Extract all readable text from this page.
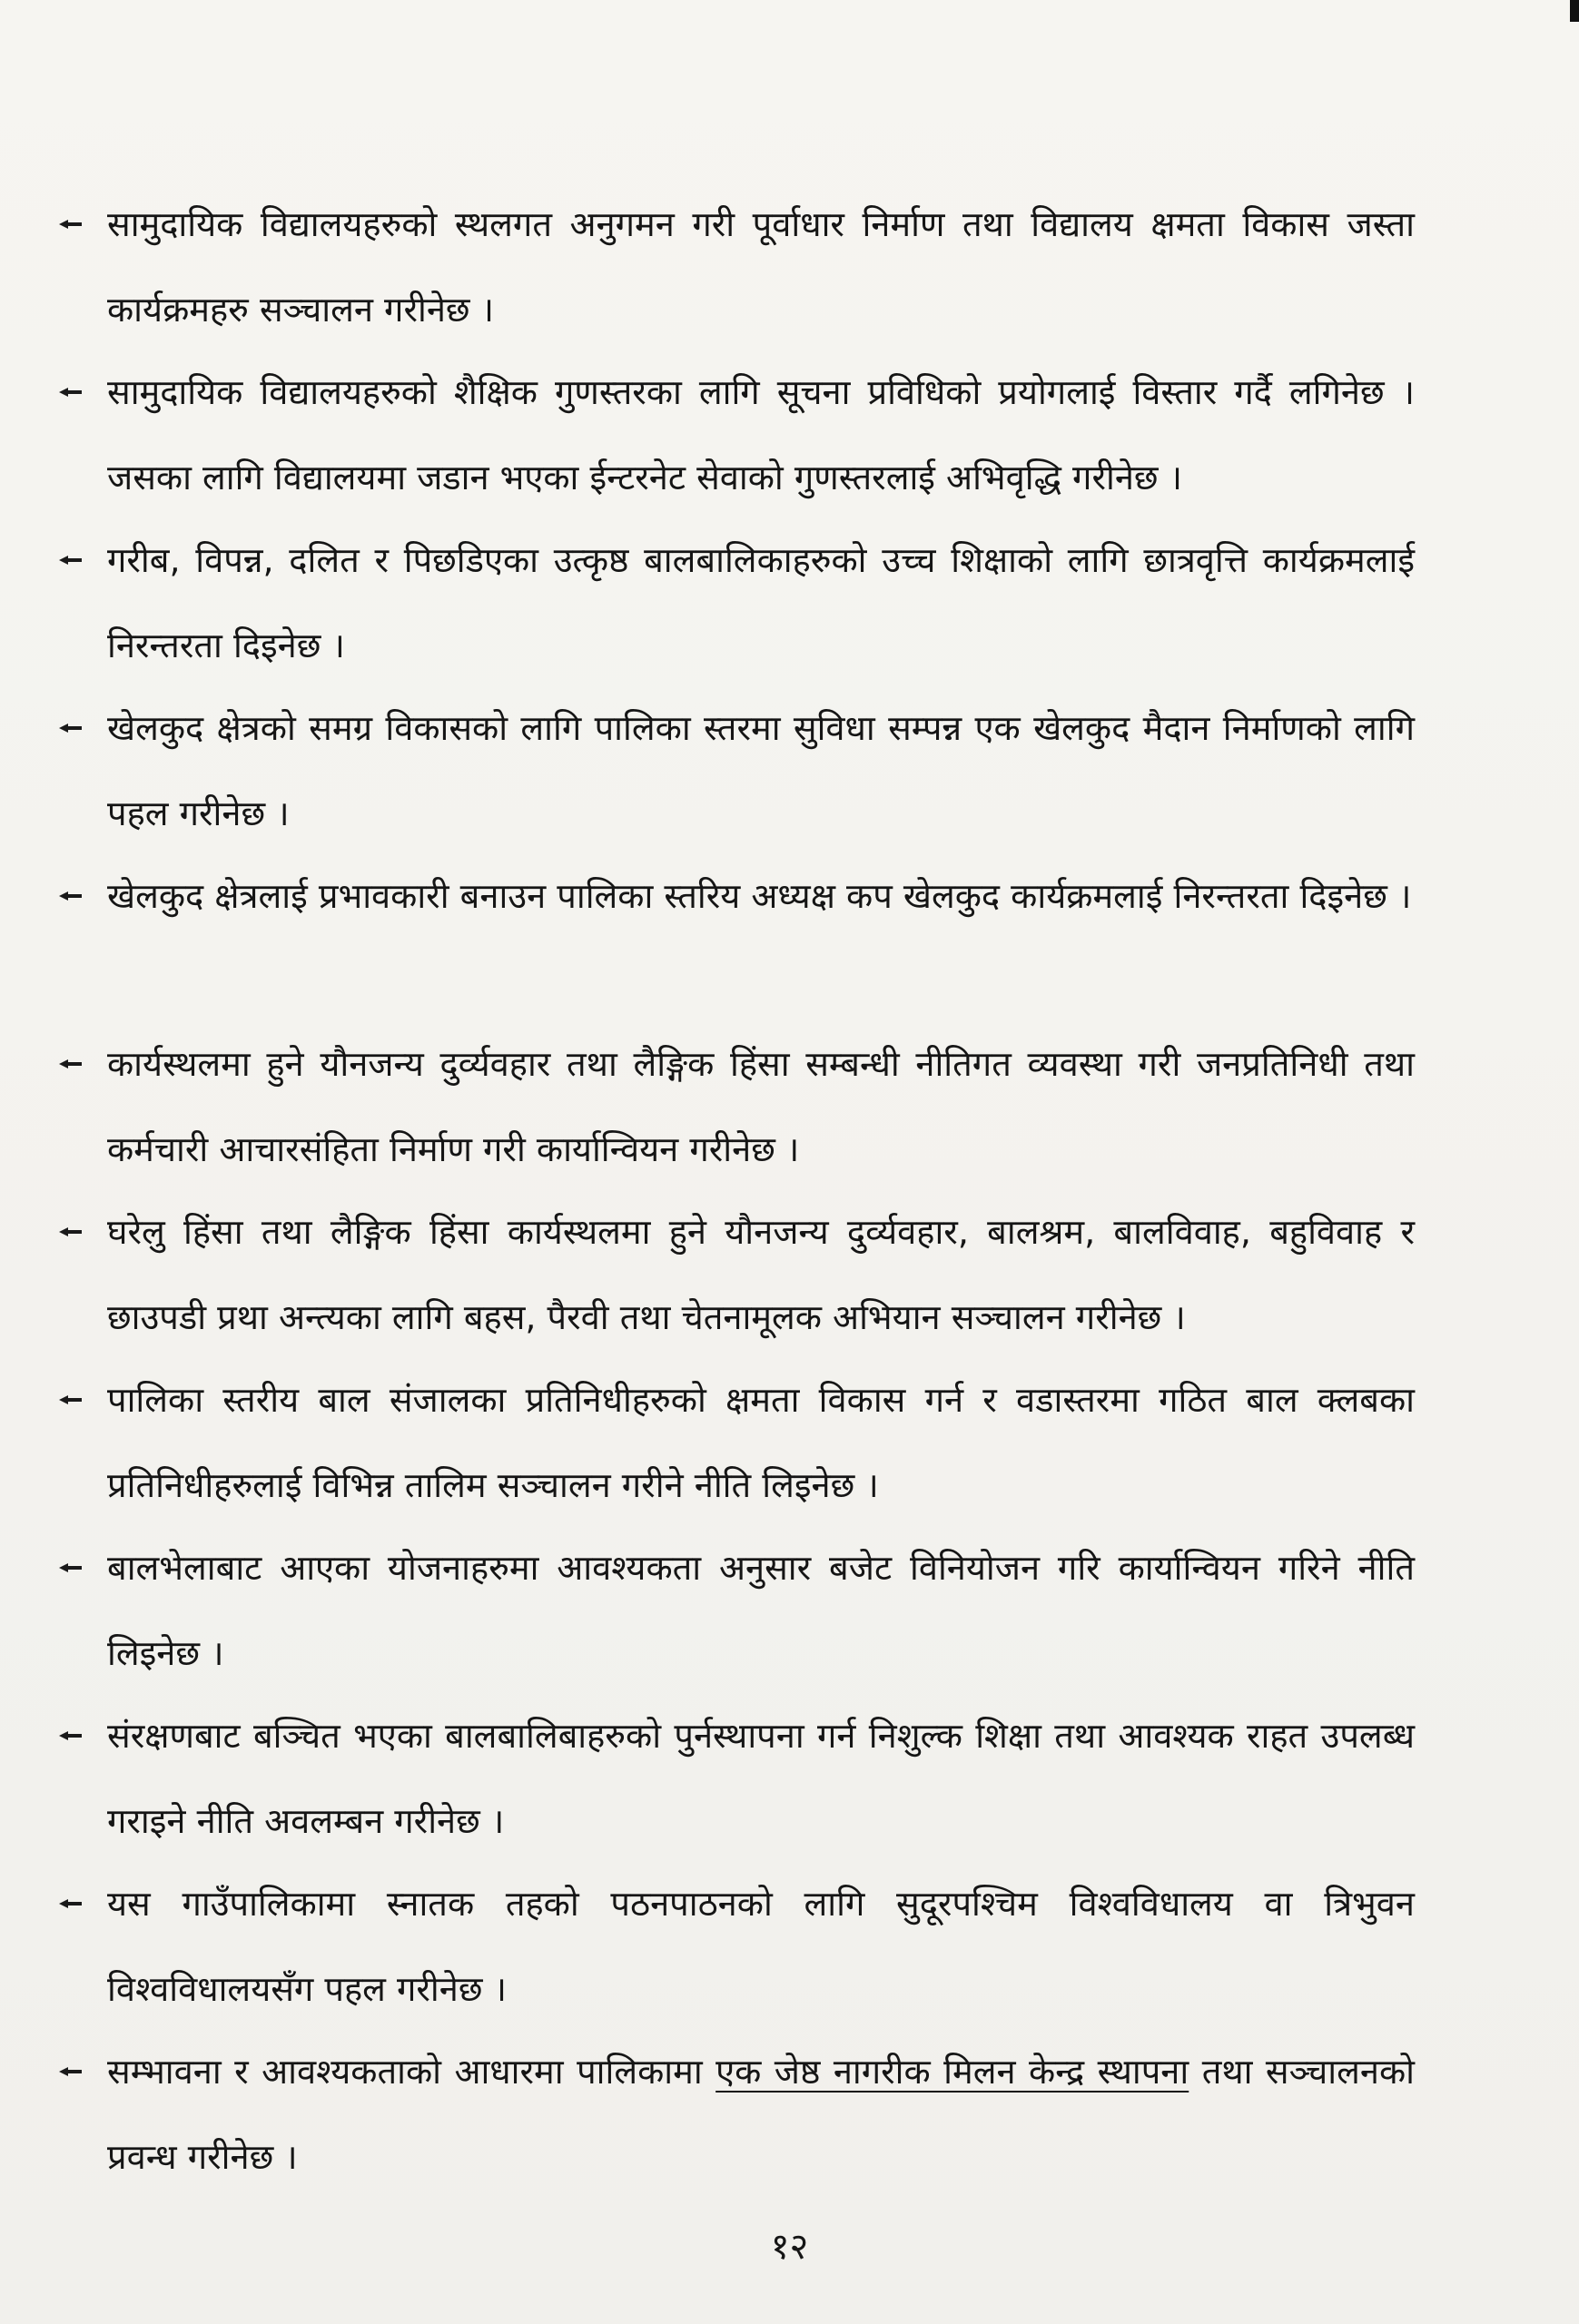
सामुदायिक विद्यालयहरुको स्थलगत अनुगमन गरी पूर्वाधार निर्माण तथा विद्यालय क्षमता विकास जस्ता कार्यक्रमहरु सञ्चालन गरीनेछ ।
सामुदायिक विद्यालयहरुको शैक्षिक गुणस्तरका लागि सूचना प्रविधिको प्रयोगलाई विस्तार गर्दै लगिनेछ । जसका लागि विद्यालयमा जडान भएका ईन्टरनेट सेवाको गुणस्तरलाई अभिवृद्धि गरीनेछ ।
गरीब, विपन्न, दलित र पिछडिएका उत्कृष्ठ बालबालिकाहरुको उच्च शिक्षाको लागि छात्रवृत्ति कार्यक्रमलाई निरन्तरता दिइनेछ ।
खेलकुद क्षेत्रको समग्र विकासको लागि पालिका स्तरमा सुविधा सम्पन्न एक खेलकुद मैदान निर्माणको लागि पहल गरीनेछ ।
खेलकुद क्षेत्रलाई प्रभावकारी बनाउन पालिका स्तरिय अध्यक्ष कप खेलकुद कार्यक्रमलाई निरन्तरता दिइनेछ ।
कार्यस्थलमा हुने यौनजन्य दुर्व्यवहार तथा लैङ्गिक हिंसा सम्बन्धी नीतिगत व्यवस्था गरी जनप्रतिनिधी तथा कर्मचारी आचारसंहिता निर्माण गरी कार्यान्वियन गरीनेछ ।
घरेलु हिंसा तथा लैङ्गिक हिंसा कार्यस्थलमा हुने यौनजन्य दुर्व्यवहार, बालश्रम, बालविवाह, बहुविवाह र छाउपडी प्रथा अन्त्यका लागि बहस, पैरवी तथा चेतनामूलक अभियान सञ्चालन गरीनेछ ।
पालिका स्तरीय बाल संजालका प्रतिनिधीहरुको क्षमता विकास गर्न र वडास्तरमा गठित बाल क्लबका प्रतिनिधीहरुलाई विभिन्न तालिम सञ्चालन गरीने नीति लिइनेछ ।
बालभेलाबाट आएका योजनाहरुमा आवश्यकता अनुसार बजेट विनियोजन गरि कार्यान्वियन गरिने नीति लिइनेछ ।
संरक्षणबाट बञ्चित भएका बालबालिबाहरुको पुर्नस्थापना गर्न निशुल्क शिक्षा तथा आवश्यक राहत उपलब्ध गराइने नीति अवलम्बन गरीनेछ ।
यस गाउँपालिकामा स्नातक तहको पठनपाठनको लागि सुदूरपश्चिम विश्वविधालय वा त्रिभुवन विश्वविधालयसँग पहल गरीनेछ ।
सम्भावना र आवश्यकताको आधारमा पालिकामा एक जेष्ठ नागरीक मिलन केन्द्र स्थापना तथा सञ्चालनको प्रवन्ध गरीनेछ ।
१२
